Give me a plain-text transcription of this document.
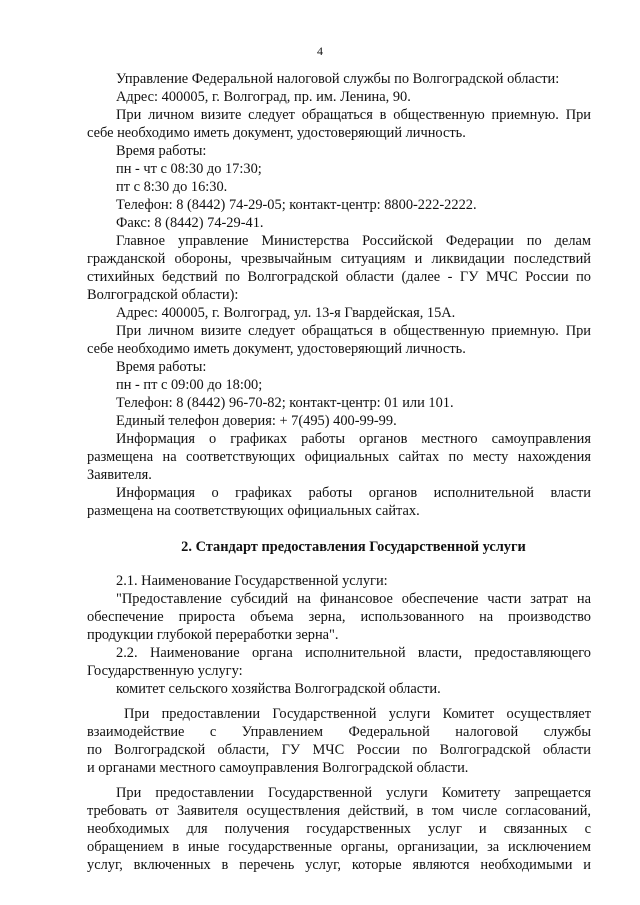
4
Управление Федеральной налоговой службы по Волгоградской области:
Адрес: 400005, г. Волгоград, пр. им. Ленина, 90.
При личном визите следует обращаться в общественную приемную. При
себе необходимо иметь документ, удостоверяющий личность.
Время работы:
пн - чт с 08:30 до 17:30;
пт с 8:30 до 16:30.
Телефон: 8 (8442) 74-29-05; контакт-центр: 8800-222-2222.
Факс: 8 (8442) 74-29-41.
Главное управление Министерства Российской Федерации по делам
гражданской обороны, чрезвычайным ситуациям и ликвидации последствий
стихийных бедствий по Волгоградской области (далее - ГУ МЧС России по
Волгоградской области):
Адрес: 400005, г. Волгоград, ул. 13-я Гвардейская, 15А.
При личном визите следует обращаться в общественную приемную. При
себе необходимо иметь документ, удостоверяющий личность.
Время работы:
пн - пт с 09:00 до 18:00;
Телефон: 8 (8442) 96-70-82; контакт-центр: 01 или 101.
Единый телефон доверия: + 7(495) 400-99-99.
Информация о графиках работы органов местного самоуправления
размещена на соответствующих официальных сайтах по месту нахождения
Заявителя.
Информация о графиках работы органов исполнительной власти
размещена на соответствующих официальных сайтах.
2. Стандарт предоставления Государственной услуги
2.1. Наименование Государственной услуги:
"Предоставление субсидий на финансовое обеспечение части затрат на
обеспечение прироста объема зерна, использованного на производство
продукции глубокой переработки зерна".
2.2. Наименование органа исполнительной власти, предоставляющего
Государственную услугу:
комитет сельского хозяйства Волгоградской области.
При предоставлении Государственной услуги Комитет осуществляет
взаимодействие с Управлением Федеральной налоговой службы
по Волгоградской области, ГУ МЧС России по Волгоградской области
и органами местного самоуправления Волгоградской области.
При предоставлении Государственной услуги Комитету запрещается
требовать от Заявителя осуществления действий, в том числе согласований,
необходимых для получения государственных услуг и связанных с
обращением в иные государственные органы, организации, за исключением
услуг, включенных в перечень услуг, которые являются необходимыми и
